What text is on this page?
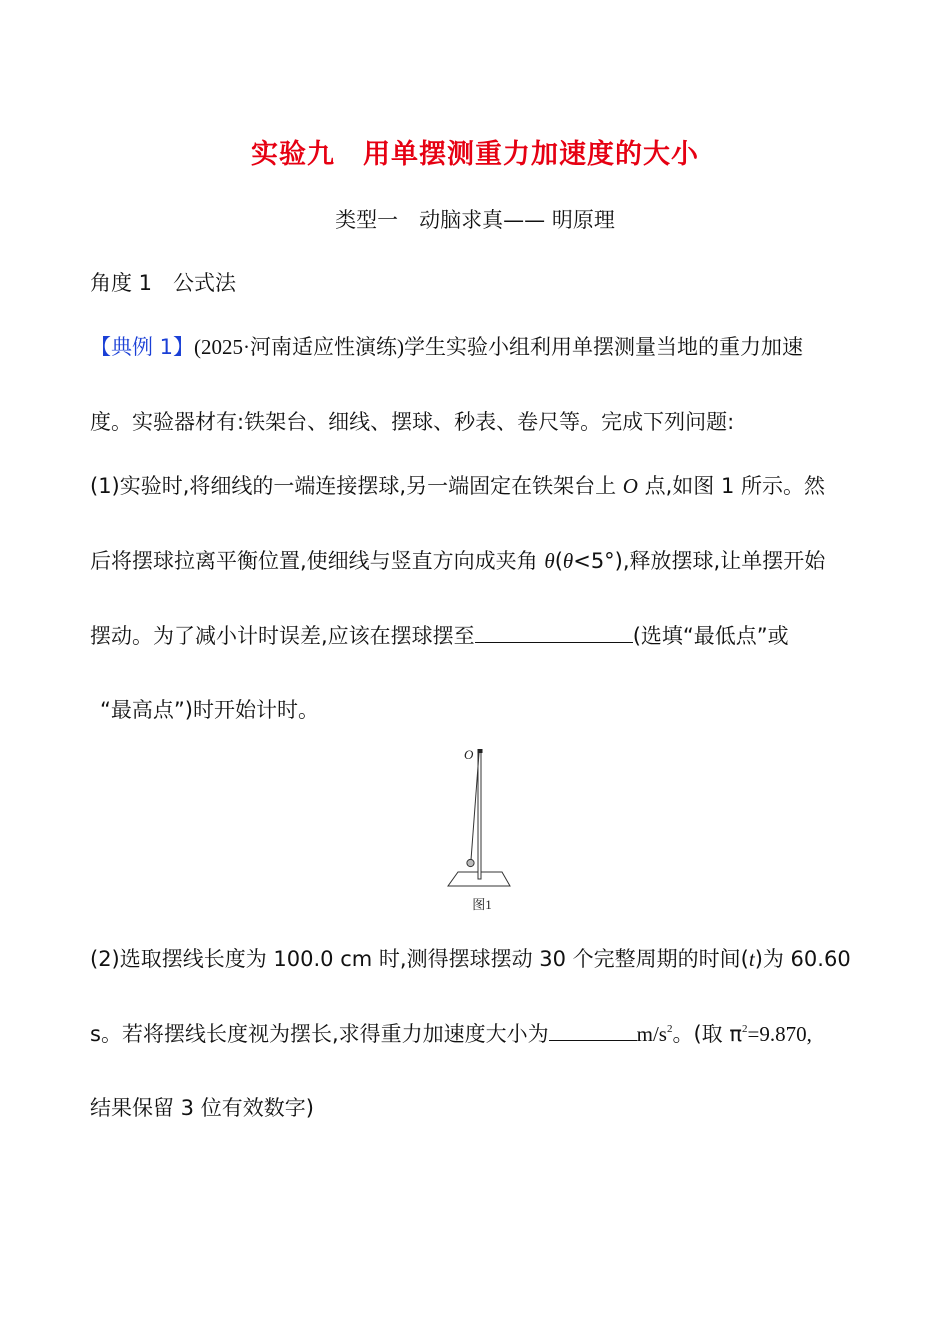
实验九　用单摆测重力加速度的大小
类型一　动脑求真—— 明原理
角度 1　公式法
【典例 1】(2025·河南适应性演练)学生实验小组利用单摆测量当地的重力加速
度。实验器材有:铁架台、细线、摆球、秒表、卷尺等。完成下列问题:
(1)实验时,将细线的一端连接摆球,另一端固定在铁架台上 O 点,如图 1 所示。然
后将摆球拉离平衡位置,使细线与竖直方向成夹角 θ(θ<5°),释放摆球,让单摆开始
摆动。为了减小计时误差,应该在摆球摆至	(选填“最低点”或
“最高点”)时开始计时。
O
图1
(2)选取摆线长度为 100.0 cm 时,测得摆球摆动 30 个完整周期的时间(t)为 60.60
s。若将摆线长度视为摆长,求得重力加速度大小为	$m/s^2$。(取 $\pi^2=9.870$,
结果保留 3 位有效数字)
